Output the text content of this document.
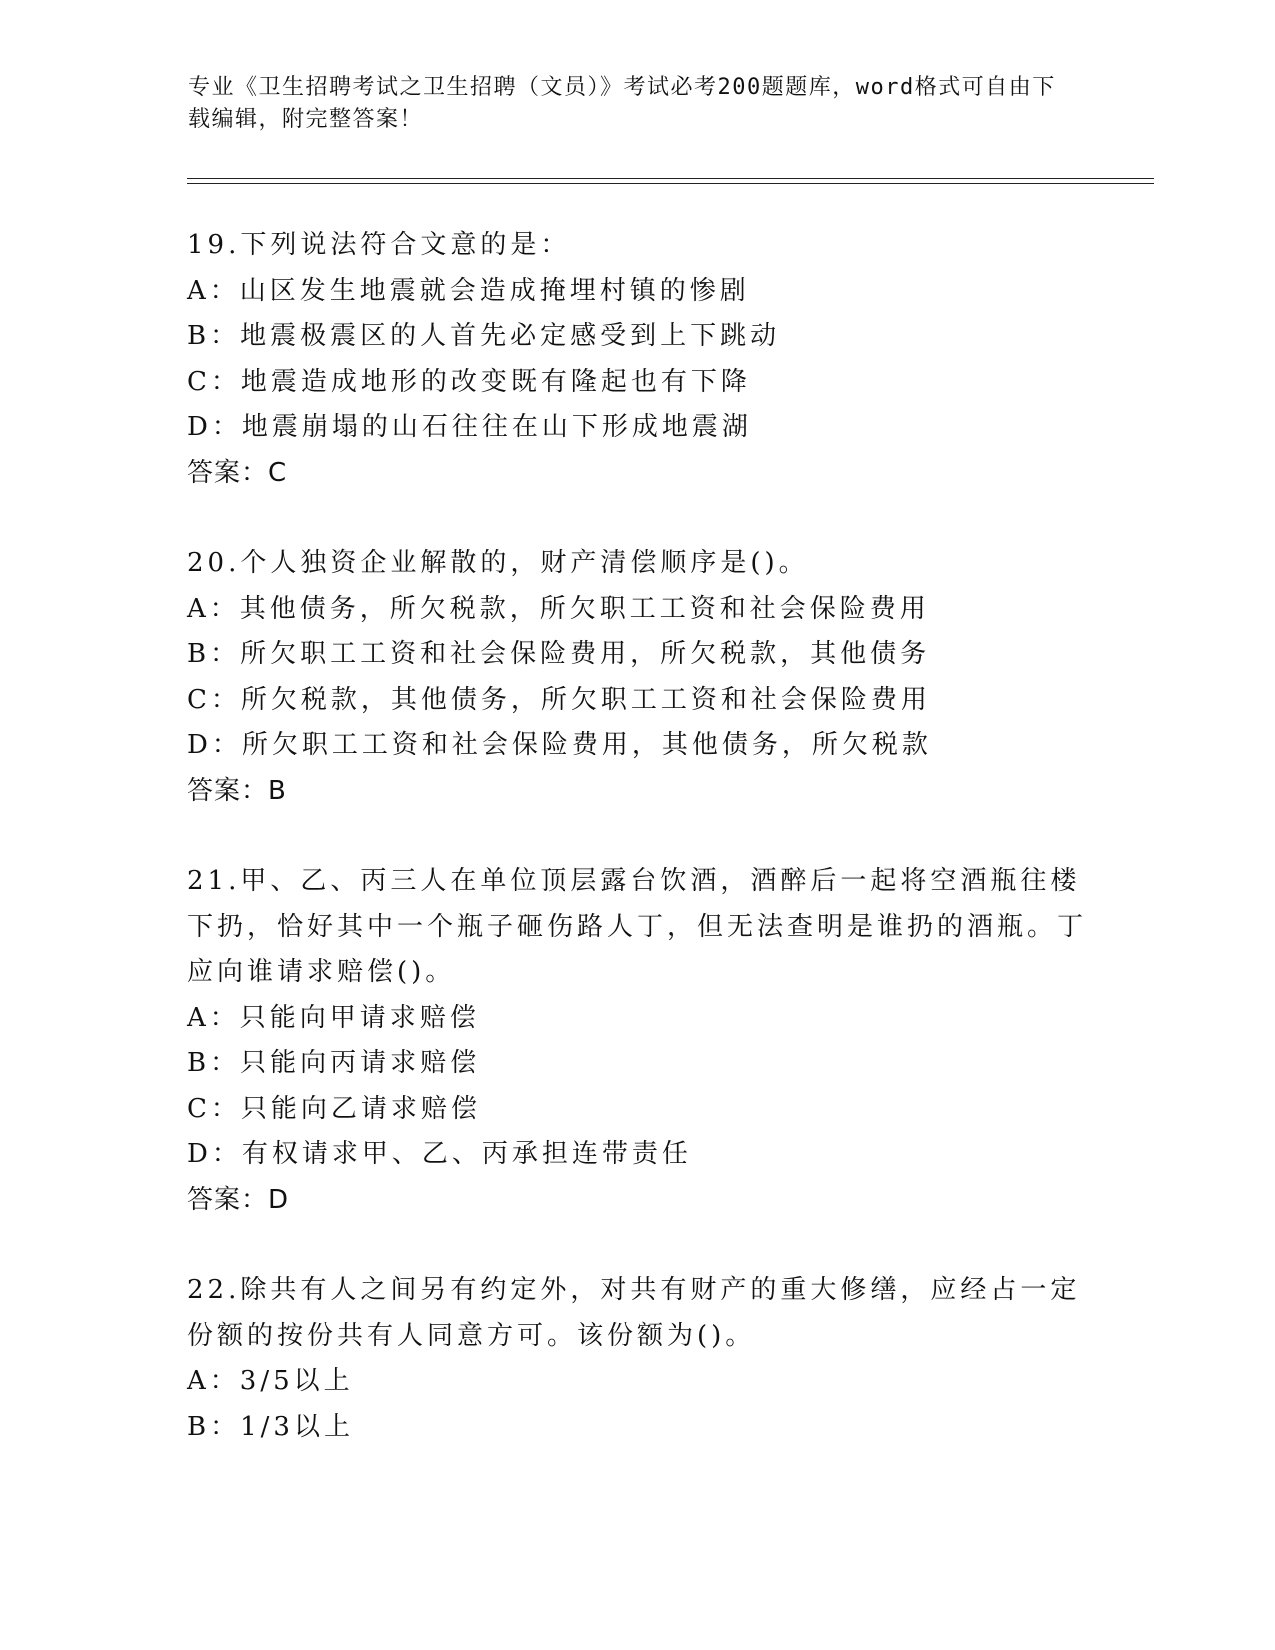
专业《卫生招聘考试之卫生招聘（文员）》考试必考200题题库，word格式可自由下载编辑，附完整答案！

19.下列说法符合文意的是：

A：山区发生地震就会造成掩埋村镇的惨剧

B：地震极震区的人首先必定感受到上下跳动

C：地震造成地形的改变既有隆起也有下降

D：地震崩塌的山石往往在山下形成地震湖

答案：C

20.个人独资企业解散的，财产清偿顺序是()。

A：其他债务，所欠税款，所欠职工工资和社会保险费用

B：所欠职工工资和社会保险费用，所欠税款，其他债务

C：所欠税款，其他债务，所欠职工工资和社会保险费用

D：所欠职工工资和社会保险费用，其他债务，所欠税款

答案：B

21.甲、乙、丙三人在单位顶层露台饮酒，酒醉后一起将空酒瓶往楼下扔，恰好其中一个瓶子砸伤路人丁，但无法查明是谁扔的酒瓶。丁应向谁请求赔偿()。

A：只能向甲请求赔偿

B：只能向丙请求赔偿

C：只能向乙请求赔偿

D：有权请求甲、乙、丙承担连带责任

答案：D

22.除共有人之间另有约定外，对共有财产的重大修缮，应经占一定份额的按份共有人同意方可。该份额为()。

A：3/5以上

B：1/3以上
